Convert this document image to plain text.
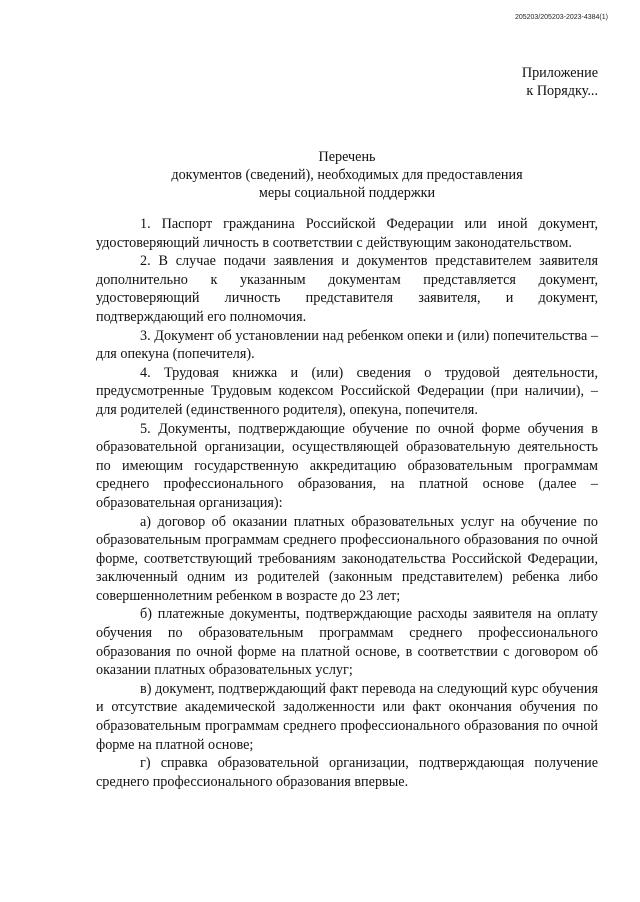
205203/205203-2023-4384(1)
Приложение
к Порядку...
Перечень
документов (сведений), необходимых для предоставления
меры социальной поддержки

1. Паспорт гражданина Российской Федерации или иной документ, удостоверяющий личность в соответствии с действующим законодательством.

2. В случае подачи заявления и документов представителем заявителя дополнительно к указанным документам представляется документ, удостоверяющий личность представителя заявителя, и документ, подтверждающий его полномочия.

3. Документ об установлении над ребенком опеки и (или) попечительства – для опекуна (попечителя).

4. Трудовая книжка и (или) сведения о трудовой деятельности, предусмотренные Трудовым кодексом Российской Федерации (при наличии), – для родителей (единственного родителя), опекуна, попечителя.

5. Документы, подтверждающие обучение по очной форме обучения в образовательной организации, осуществляющей образовательную деятельность по имеющим государственную аккредитацию образовательным программам среднего профессионального образования, на платной основе (далее – образовательная организация):

а) договор об оказании платных образовательных услуг на обучение по образовательным программам среднего профессионального образования по очной форме, соответствующий требованиям законодательства Российской Федерации, заключенный одним из родителей (законным представителем) ребенка либо совершеннолетним ребенком в возрасте до 23 лет;

б) платежные документы, подтверждающие расходы заявителя на оплату обучения по образовательным программам среднего профессионального образования по очной форме на платной основе, в соответствии с договором об оказании платных образовательных услуг;

в) документ, подтверждающий факт перевода на следующий курс обучения и отсутствие академической задолженности или факт окончания обучения по образовательным программам среднего профессионального образования по очной форме на платной основе;

г) справка образовательной организации, подтверждающая получение среднего профессионального образования впервые.
